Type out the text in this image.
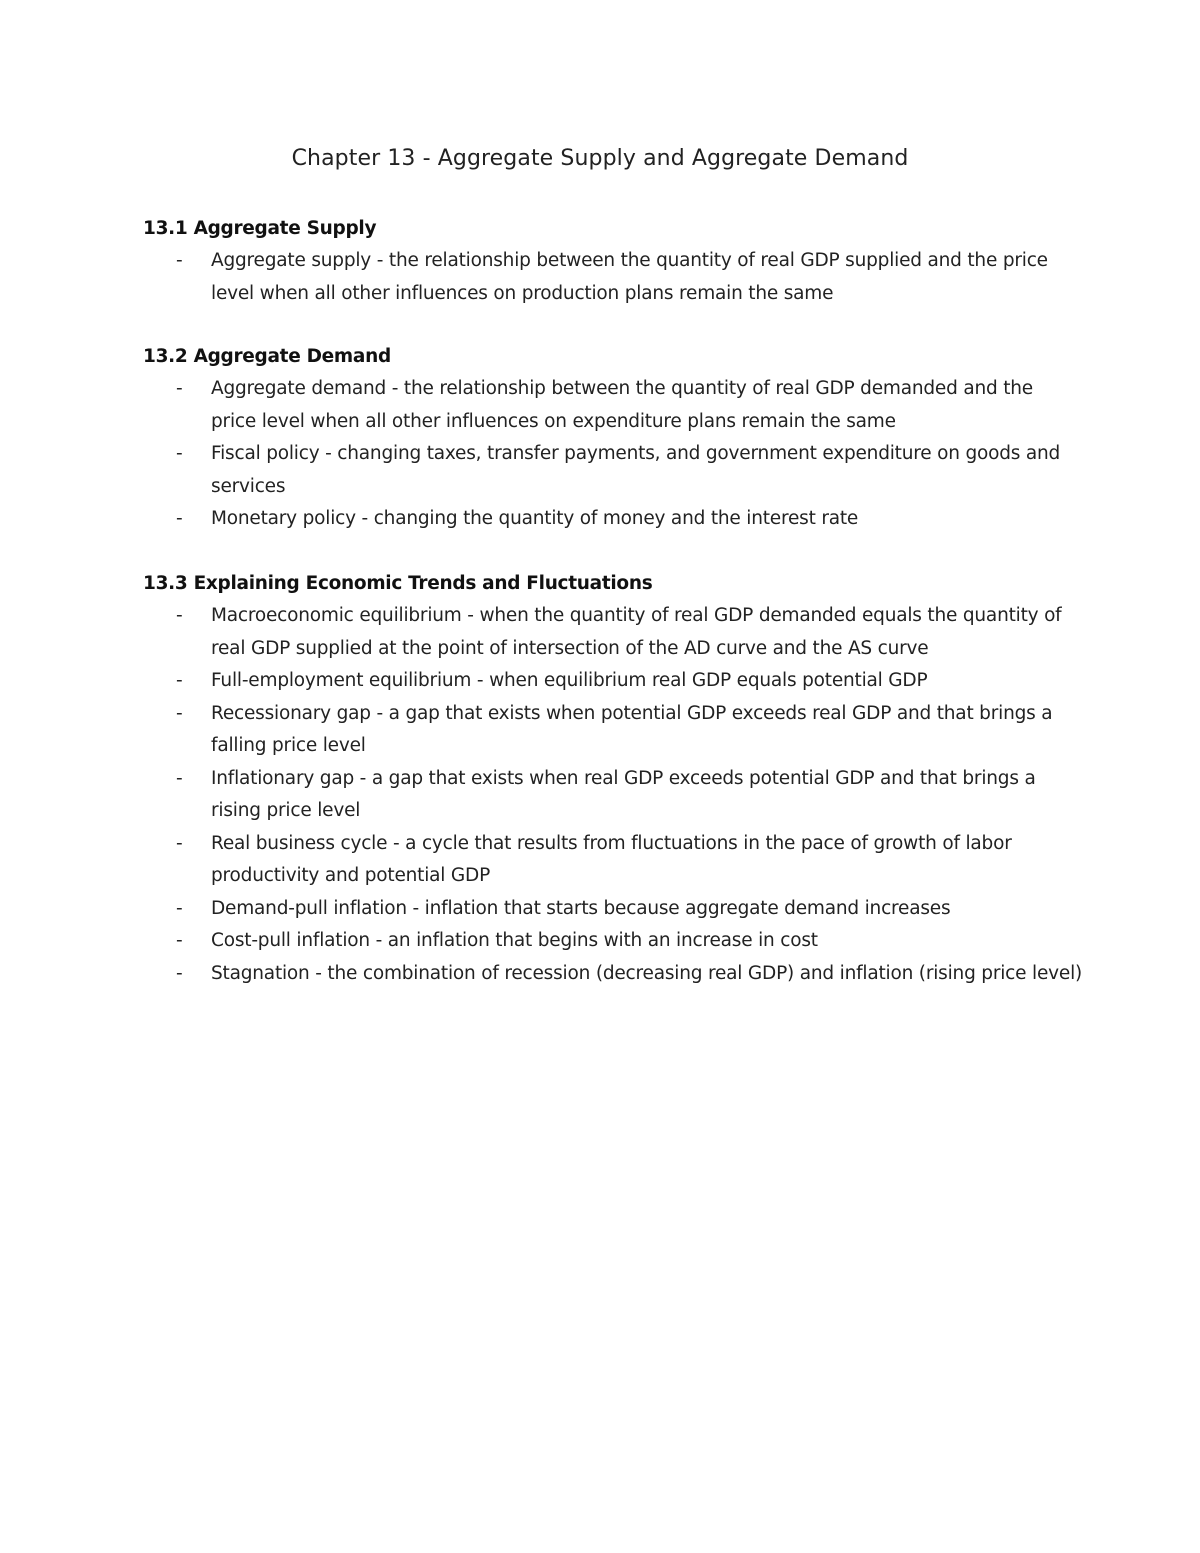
Chapter 13 - Aggregate Supply and Aggregate Demand
13.1 Aggregate Supply
- Aggregate supply - the relationship between the quantity of real GDP supplied and the price level when all other influences on production plans remain the same
13.2 Aggregate Demand
- Aggregate demand - the relationship between the quantity of real GDP demanded and the price level when all other influences on expenditure plans remain the same
- Fiscal policy - changing taxes, transfer payments, and government expenditure on goods and services
- Monetary policy - changing the quantity of money and the interest rate
13.3 Explaining Economic Trends and Fluctuations
- Macroeconomic equilibrium - when the quantity of real GDP demanded equals the quantity of real GDP supplied at the point of intersection of the AD curve and the AS curve
- Full-employment equilibrium - when equilibrium real GDP equals potential GDP
- Recessionary gap - a gap that exists when potential GDP exceeds real GDP and that brings a falling price level
- Inflationary gap - a gap that exists when real GDP exceeds potential GDP and that brings a rising price level
- Real business cycle - a cycle that results from fluctuations in the pace of growth of labor productivity and potential GDP
- Demand-pull inflation - inflation that starts because aggregate demand increases
- Cost-pull inflation - an inflation that begins with an increase in cost
- Stagnation - the combination of recession (decreasing real GDP) and inflation (rising price level)
